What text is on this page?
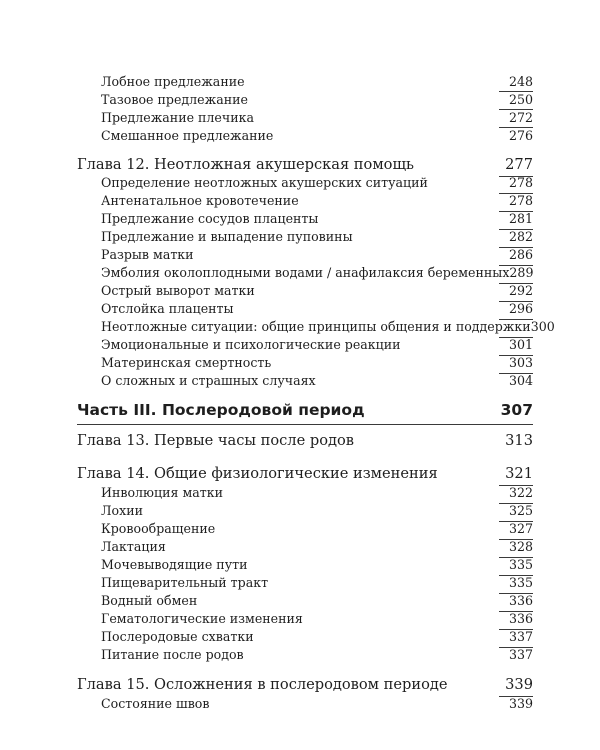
Лобное предлежание	248
Тазовое предлежание	250
Предлежание плечика	272
Смешанное предлежание	276
Глава 12. Неотложная акушерская помощь	277
Определение неотложных акушерских ситуаций	278
Антенатальное кровотечение	278
Предлежание сосудов плаценты	281
Предлежание и выпадение пуповины	282
Разрыв матки	286
Эмболия околоплодными водами / анафилаксия беременных 289
Острый выворот матки	292
Отслойка плаценты	296
Неотложные ситуации: общие принципы общения и поддержки 300
Эмоциональные и психологические реакции	301
Материнская смертность	303
О сложных и страшных случаях	304
Часть III. Послеродовой период	307
Глава 13. Первые часы после родов	313
Глава 14. Общие физиологические изменения	321
Инволюция матки	322
Лохии	325
Кровообращение	327
Лактация	328
Мочевыводящие пути	335
Пищеварительный тракт	335
Водный обмен	336
Гематологические изменения	336
Послеродовые схватки	337
Питание после родов	337
Глава 15. Осложнения в послеродовом периоде	339
Состояние швов	339
